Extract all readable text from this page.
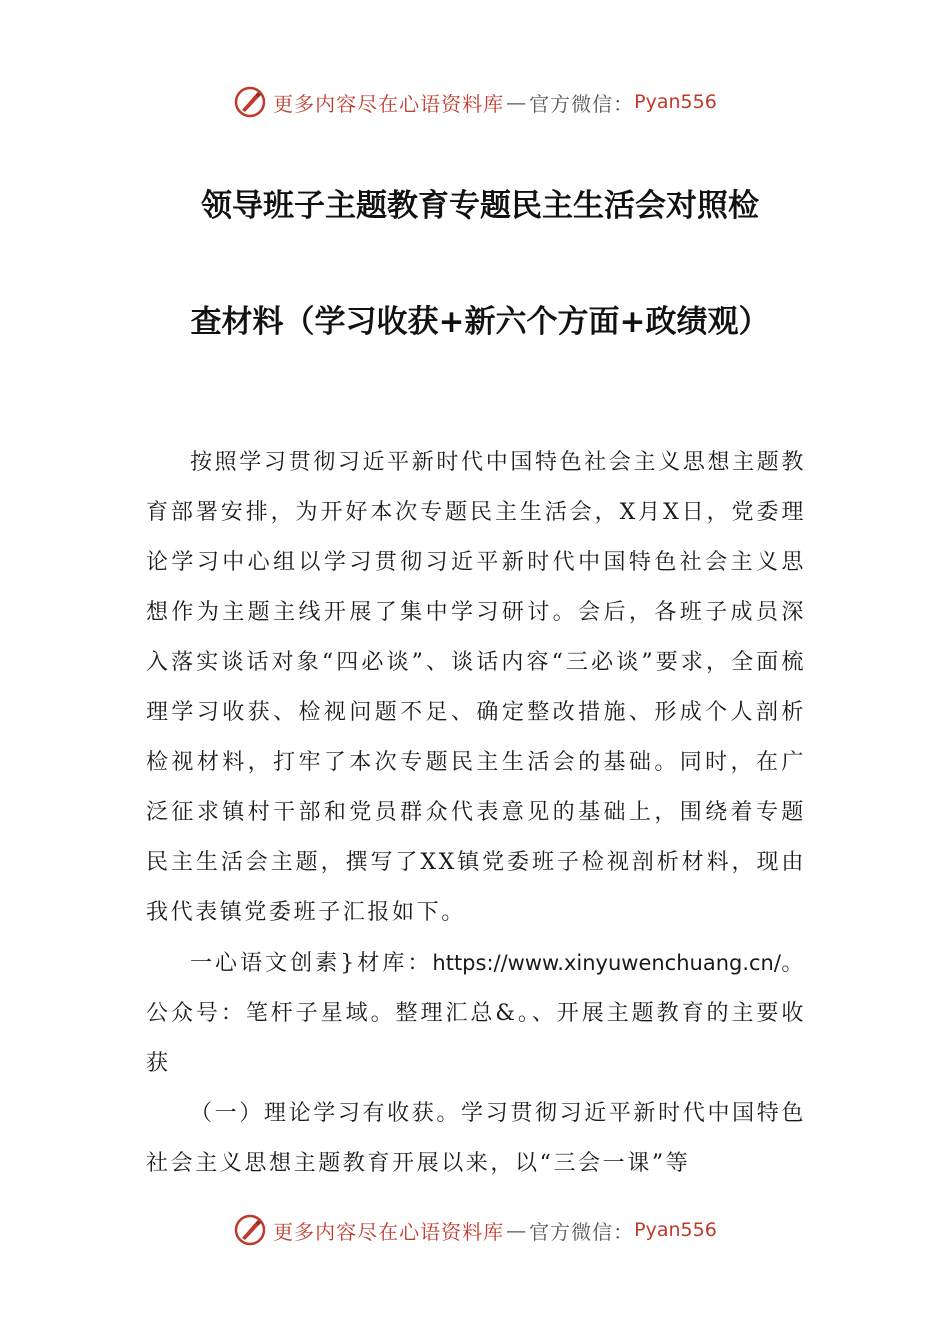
更多内容尽在心语资料库 — 官方微信： Pyan556
领导班子主题教育专题民主生活会对照检
查材料（学习收获+新六个方面+政绩观）

按照学习贯彻习近平新时代中国特色社会主义思想主题教育部署安排，为开好本次专题民主生活会，X月X日，党委理论学习中心组以学习贯彻习近平新时代中国特色社会主义思想作为主题主线开展了集中学习研讨。会后，各班子成员深入落实谈话对象“四必谈”、谈话内容“三必谈”要求，全面梳理学习收获、检视问题不足、确定整改措施、形成个人剖析检视材料，打牢了本次专题民主生活会的基础。同时，在广泛征求镇村干部和党员群众代表意见的基础上，围绕着专题民主生活会主题，撰写了XX镇党委班子检视剖析材料，现由我代表镇党委班子汇报如下。

一心语文创素}材库：https://www.xinyuwenchuang.cn/。公众号：笔杆子星域。整理汇总&。、开展主题教育的主要收获

（一）理论学习有收获。学习贯彻习近平新时代中国特色社会主义思想主题教育开展以来，以“三会一课”等

更多内容尽在心语资料库 — 官方微信： Pyan556
